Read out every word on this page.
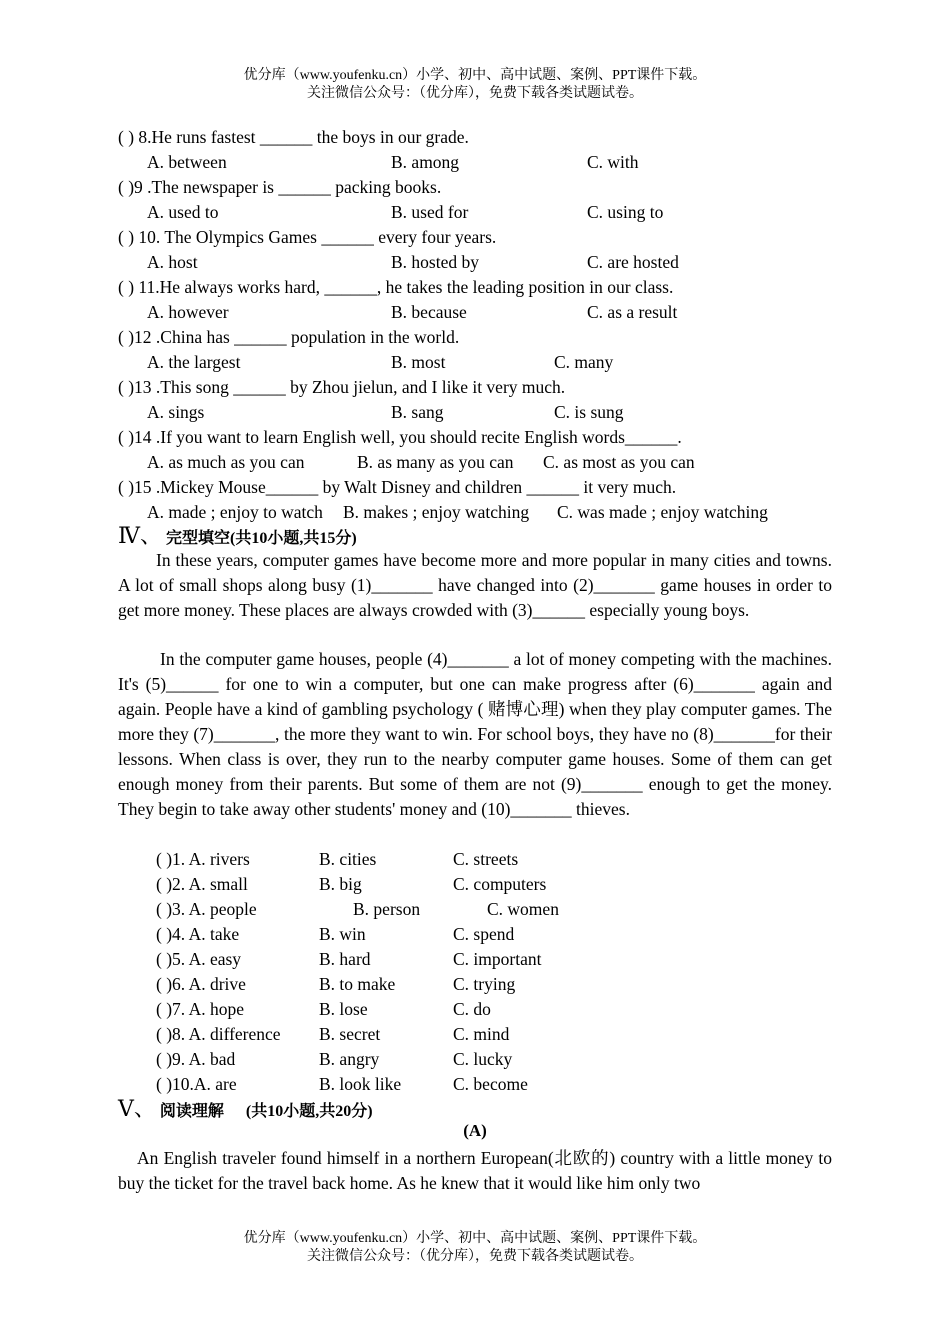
优分库（www.youfenku.cn）小学、初中、高中试题、案例、PPT课件下载。
关注微信公众号：（优分库），免费下载各类试题试卷。
( ) 8.He runs fastest ______ the boys in our grade.
A. between	B. among	C. with
( )9 .The newspaper is ______ packing books.
A. used to	B. used for	C. using to
( ) 10. The Olympics Games ______ every four years.
A. host	B. hosted by	C. are hosted
( ) 11.He always works hard, ______, he takes the leading position in our class.
A. however	B. because	C. as a result
( )12 .China has ______ population in the world.
A. the largest	B. most	C. many
( )13 .This song ______ by Zhou jielun, and I like it very much.
A. sings	B. sang	C. is sung
( )14 .If you want to learn English well, you should recite English words______.
A. as much as you can	B. as many as you can C. as most as you can
( )15 .Mickey Mouse______ by Walt Disney and children ______ it very much.
A. made ; enjoy to watch B. makes ; enjoy watching C. was made ; enjoy watching
Ⅳ、 完型填空(共10小题,共15分)
In these years, computer games have become more and more popular in many cities and towns. A lot of small shops along busy (1)_______ have changed into (2)_______ game houses in order to get more money. These places are always crowded with (3)______ especially young boys.
In the computer game houses, people (4)_______ a lot of money competing with the machines. It's (5)______ for one to win a computer, but one can make progress after (6)_______ again and again. People have a kind of gambling psychology ( 赌博心理) when they play computer games. The more they (7)_______, the more they want to win. For school boys, they have no (8)_______for their lessons. When class is over, they run to the nearby computer game houses. Some of them can get enough money from their parents. But some of them are not (9)_______ enough to get the money. They begin to take away other students' money and (10)_______ thieves.
( )1. A. rivers	B. cities	C. streets
( )2. A. small	B. big	C. computers
( )3. A. people	B. person	C. women
( )4. A. take	B. win	C. spend
( )5. A. easy	B. hard	C. important
( )6. A. drive	B. to make	C. trying
( )7. A. hope	B. lose	C. do
( )8. A. difference B. secret	C. mind
( )9. A. bad	B. angry	C. lucky
( )10.A. are	B. look like	C. become
Ⅴ、 阅读理解 (共10小题,共20分)
(A)
An English traveler found himself in a northern European(北欧的) country with a little money to buy the ticket for the travel back home. As he knew that it would like him only two
优分库（www.youfenku.cn）小学、初中、高中试题、案例、PPT课件下载。
关注微信公众号：（优分库），免费下载各类试题试卷。
